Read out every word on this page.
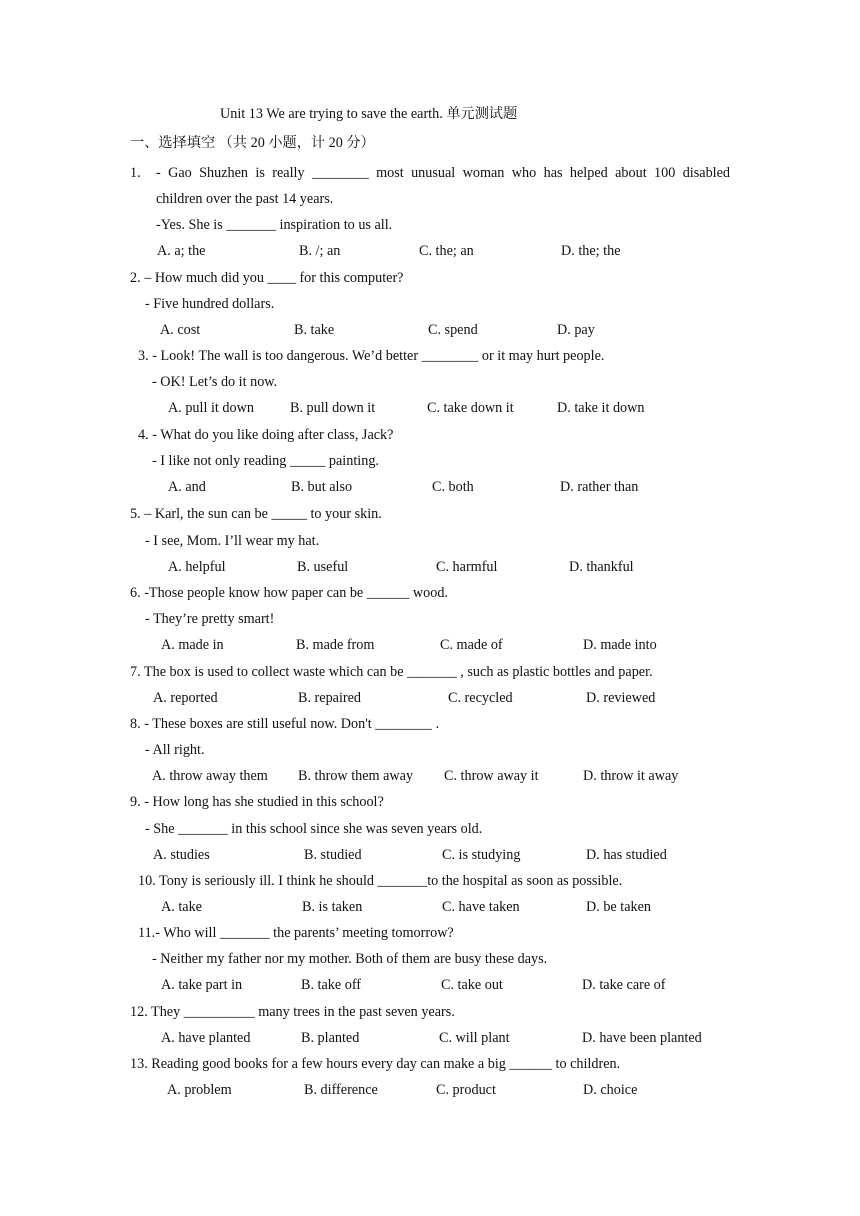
Unit 13 We are trying to save the earth. 单元测试题
一、选择填空 （共 20 小题，计 20 分）
1. - Gao Shuzhen is really ________ most unusual woman who has helped about 100 disabled
children over the past 14 years.
-Yes. She is _______ inspiration to us all.
A. a; the	B. /; an	C. the; an	D. the; the
2. – How much did you ____ for this computer?
- Five hundred dollars.
A. cost	B. take	C. spend	D. pay
3. - Look! The wall is too dangerous. We’d better ________ or it may hurt people.
- OK! Let’s do it now.
A. pull it down	B. pull down it	C. take down it	D. take it down
4. - What do you like doing after class, Jack?
- I like not only reading _____ painting.
A. and	B. but also	C. both	D. rather than
5. – Karl, the sun can be _____ to your skin.
- I see, Mom. I’ll wear my hat.
A. helpful	B. useful	C. harmful	D. thankful
6. -Those people know how paper can be ______ wood.
- They’re pretty smart!
A. made in	B. made from	C. made of	D. made into
7. The box is used to collect waste which can be _______ , such as plastic bottles and paper.
A. reported	B. repaired	C. recycled	D. reviewed
8. - These boxes are still useful now. Don't ________ .
- All right.
A. throw away them B. throw them away C. throw away it	D. throw it away
9. - How long has she studied in this school?
- She _______ in this school since she was seven years old.
A. studies	B. studied	C. is studying	D. has studied
10. Tony is seriously ill. I think he should _______to the hospital as soon as possible.
A. take	B. is taken	C. have taken	D. be taken
11.- Who will _______ the parents’ meeting tomorrow?
- Neither my father nor my mother. Both of them are busy these days.
A. take part in	B. take off	C. take out	D. take care of
12. They __________ many trees in the past seven years.
A. have planted	B. planted	C. will plant	D. have been planted
13. Reading good books for a few hours every day can make a big ______ to children.
A. problem	B. difference	C. product	D. choice
